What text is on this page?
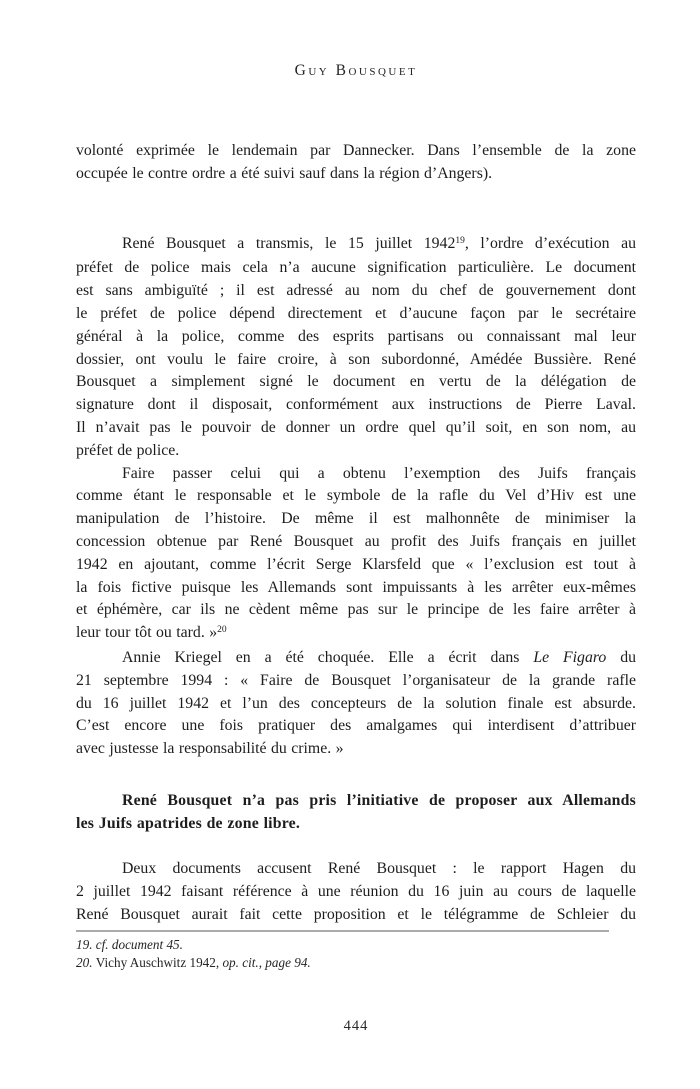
Guy Bousquet
volonté exprimée le lendemain par Dannecker. Dans l’ensemble de la zone
occupée le contre ordre a été suivi sauf dans la région d’Angers).
René Bousquet a transmis, le 15 juillet 1942$^{19}$, l’ordre d’exécution au
préfet de police mais cela n’a aucune signification particulière. Le document
est sans ambiguïté ; il est adressé au nom du chef de gouvernement dont
le préfet de police dépend directement et d’aucune façon par le secrétaire
général à la police, comme des esprits partisans ou connaissant mal leur
dossier, ont voulu le faire croire, à son subordonné, Amédée Bussière. René
Bousquet a simplement signé le document en vertu de la délégation de
signature dont il disposait, conformément aux instructions de Pierre Laval.
Il n’avait pas le pouvoir de donner un ordre quel qu’il soit, en son nom, au
préfet de police.
Faire passer celui qui a obtenu l’exemption des Juifs français
comme étant le responsable et le symbole de la rafle du Vel d’Hiv est une
manipulation de l’histoire. De même il est malhonnête de minimiser la
concession obtenue par René Bousquet au profit des Juifs français en juillet
1942 en ajoutant, comme l’écrit Serge Klarsfeld que « l’exclusion est tout à
la fois fictive puisque les Allemands sont impuissants à les arrêter eux-mêmes
et éphémère, car ils ne cèdent même pas sur le principe de les faire arrêter à
leur tour tôt ou tard. »$^{20}$
Annie Kriegel en a été choquée. Elle a écrit dans Le Figaro du
21 septembre 1994 : « Faire de Bousquet l’organisateur de la grande rafle
du 16 juillet 1942 et l’un des concepteurs de la solution finale est absurde.
C’est encore une fois pratiquer des amalgames qui interdisent d’attribuer
avec justesse la responsabilité du crime. »
René Bousquet n’a pas pris l’initiative de proposer aux Allemands
les Juifs apatrides de zone libre.
Deux documents accusent René Bousquet : le rapport Hagen du
2 juillet 1942 faisant référence à une réunion du 16 juin au cours de laquelle
René Bousquet aurait fait cette proposition et le télégramme de Schleier du
19. cf. document 45.
20. Vichy Auschwitz 1942, op. cit., page 94.
444
